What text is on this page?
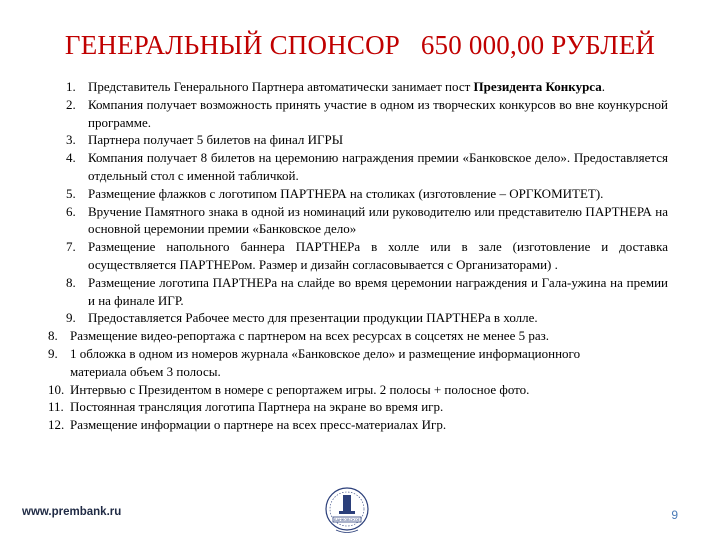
ГЕНЕРАЛЬНЫЙ СПОНСОР   650 000,00 РУБЛЕЙ
1. Представитель Генерального Партнера автоматически занимает пост Президента Конкурса.
2. Компания получает возможность принять участие в одном из творческих конкурсов во вне коункурсной программе.
3. Партнера получает 5 билетов на финал ИГРЫ
4. Компания получает 8 билетов на церемонию награждения премии «Банковское дело». Предоставляется отдельный стол с именной табличкой.
5. Размещение флажков с логотипом ПАРТНЕРА на столиках (изготовление – ОРГКОМИТЕТ).
6. Вручение Памятного знака в одной из номинаций или руководителю или представителю ПАРТНЕРА на основной церемонии премии «Банковское дело»
7. Размещение напольного баннера ПАРТНЕРа в холле или в зале (изготовление и доставка осуществляется ПАРТНЕРом. Размер и дизайн согласовывается с Организаторами) .
8. Размещение логотипа ПАРТНЕРа на слайде во время церемонии награждения и Гала-ужина на премии и на финале ИГР.
9. Предоставляется Рабочее место для презентации продукции ПАРТНЕРа в холле.
8. Размещение видео-репортажа с партнером на всех ресурсах в соцсетях не менее 5 раз.
9. 1 обложка в одном из номеров журнала «Банковское дело» и размещение информационного материала объем 3 полосы.
10. Интервью с Президентом в номере с репортажем игры. 2 полосы + полосное фото.
11. Постоянная трансляция логотипа Партнера на экране во время игр.
12. Размещение информации о партнере на всех пресс-материалах Игр.
www.prembank.ru
БАНКОВСКОЕ	9
